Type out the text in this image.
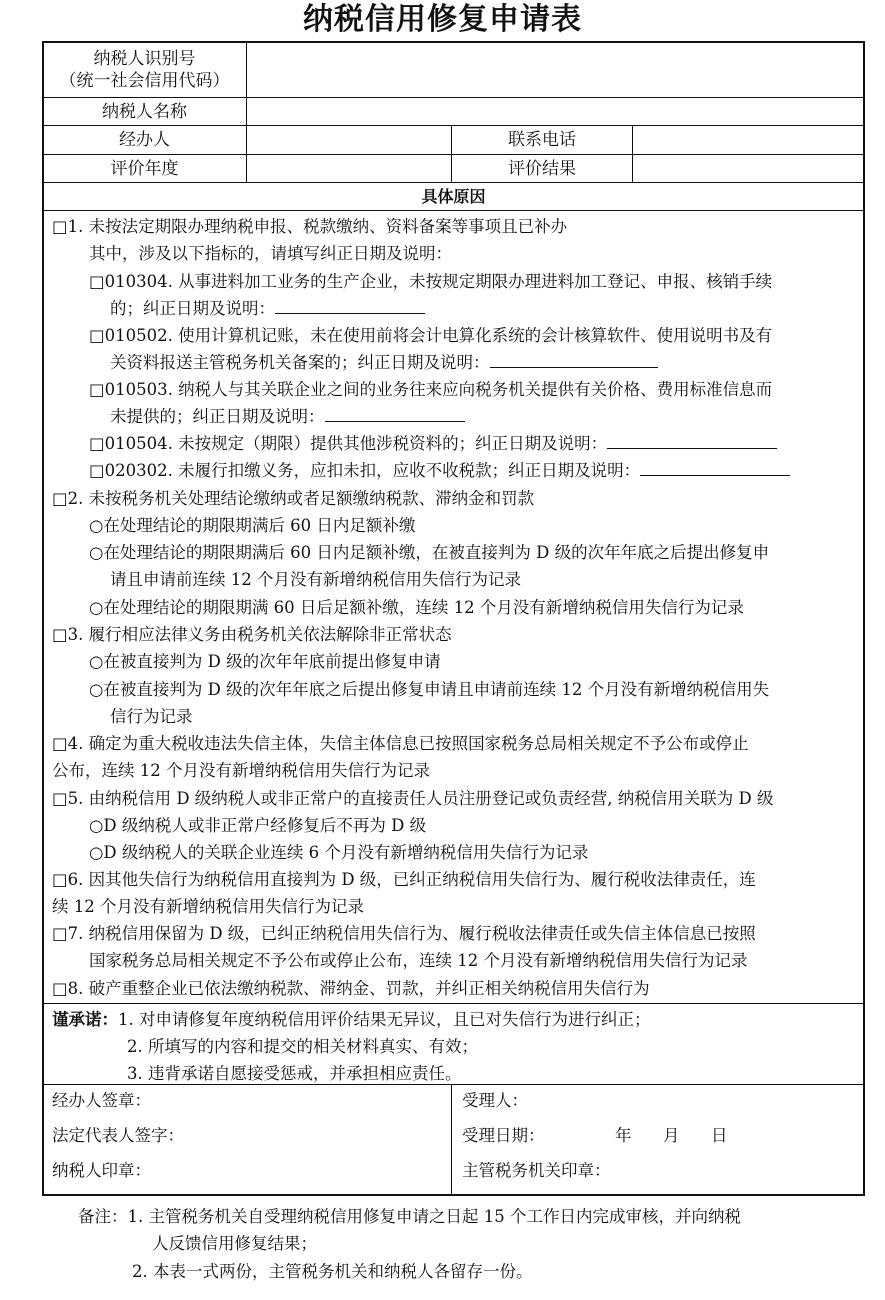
纳税信用修复申请表
纳税人识别号
（统一社会信用代码）
纳税人名称
经办人	联系电话
评价年度	评价结果
具体原因
□1. 未按法定期限办理纳税申报、税款缴纳、资料备案等事项且已补办
其中，涉及以下指标的，请填写纠正日期及说明：
□010304. 从事进料加工业务的生产企业，未按规定期限办理进料加工登记、申报、核销手续
的；纠正日期及说明：
□010502. 使用计算机记账，未在使用前将会计电算化系统的会计核算软件、使用说明书及有
关资料报送主管税务机关备案的；纠正日期及说明：
□010503. 纳税人与其关联企业之间的业务往来应向税务机关提供有关价格、费用标准信息而
未提供的；纠正日期及说明：
□010504. 未按规定（期限）提供其他涉税资料的；纠正日期及说明：
□020302. 未履行扣缴义务，应扣未扣，应收不收税款；纠正日期及说明：
□2. 未按税务机关处理结论缴纳或者足额缴纳税款、滞纳金和罚款
○在处理结论的期限期满后 60 日内足额补缴
○在处理结论的期限期满后 60 日内足额补缴，在被直接判为 D 级的次年年底之后提出修复申
请且申请前连续 12 个月没有新增纳税信用失信行为记录
○在处理结论的期限期满 60 日后足额补缴，连续 12 个月没有新增纳税信用失信行为记录
□3. 履行相应法律义务由税务机关依法解除非正常状态
○在被直接判为 D 级的次年年底前提出修复申请
○在被直接判为 D 级的次年年底之后提出修复申请且申请前连续 12 个月没有新增纳税信用失
信行为记录
□4. 确定为重大税收违法失信主体，失信主体信息已按照国家税务总局相关规定不予公布或停止
公布，连续 12 个月没有新增纳税信用失信行为记录
□5. 由纳税信用 D 级纳税人或非正常户的直接责任人员注册登记或负责经营, 纳税信用关联为 D 级
○D 级纳税人或非正常户经修复后不再为 D 级
○D 级纳税人的关联企业连续 6 个月没有新增纳税信用失信行为记录
□6. 因其他失信行为纳税信用直接判为 D 级，已纠正纳税信用失信行为、履行税收法律责任，连
续 12 个月没有新增纳税信用失信行为记录
□7. 纳税信用保留为 D 级，已纠正纳税信用失信行为、履行税收法律责任或失信主体信息已按照
国家税务总局相关规定不予公布或停止公布，连续 12 个月没有新增纳税信用失信行为记录
□8. 破产重整企业已依法缴纳税款、滞纳金、罚款，并纠正相关纳税信用失信行为
谨承诺：1. 对申请修复年度纳税信用评价结果无异议，且已对失信行为进行纠正；
2. 所填写的内容和提交的相关材料真实、有效；
3. 违背承诺自愿接受惩戒，并承担相应责任。
经办人签章：
法定代表人签字：
纳税人印章：
受理人：
受理日期：	年 月 日
主管税务机关印章：
备注：1. 主管税务机关自受理纳税信用修复申请之日起 15 个工作日内完成审核，并向纳税
人反馈信用修复结果；
2. 本表一式两份，主管税务机关和纳税人各留存一份。
